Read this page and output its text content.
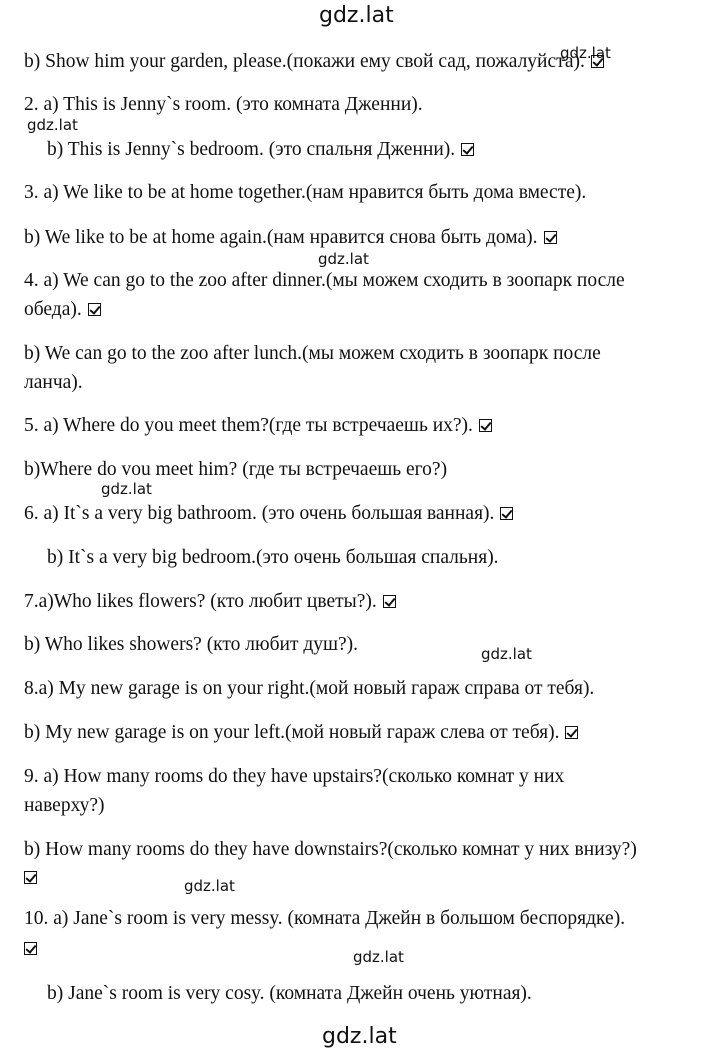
gdz.lat
gdz.lat
gdz.lat
gdz.lat
gdz.lat
gdz.lat
gdz.lat
gdz.lat
gdz.lat
b) Show him your garden, please.(покажи ему свой сад, пожалуйста).
2. a) This is Jenny`s room. (это комната Дженни).
b) This is Jenny`s bedroom. (это спальня Дженни).
3. a) We like to be at home together.(нам нравится быть дома вместе).
b) We like to be at home again.(нам нравится снова быть дома).
4. a) We can go to the zoo after dinner.(мы можем сходить в зоопарк после
обеда).
b) We can go to the zoo after lunch.(мы можем сходить в зоопарк после
ланча).
5. a) Where do you meet them?(где ты встречаешь их?).
b)Where do vou meet him? (где ты встречаешь его?)
6. a) It`s a very big bathroom. (это очень большая ванная).
b) It`s a very big bedroom.(это очень большая спальня).
7.a)Who likes flowers? (кто любит цветы?).
b) Who likes showers? (кто любит душ?).
8.a) My new garage is on your right.(мой новый гараж справа от тебя).
b) My new garage is on your left.(мой новый гараж слева от тебя).
9. a) How many rooms do they have upstairs?(сколько комнат у них
наверху?)
b) How many rooms do they have downstairs?(сколько комнат у них внизу?)
10. a) Jane`s room is very messy. (комната Джейн в большом беспорядке).
b) Jane`s room is very cosy. (комната Джейн очень уютная).
